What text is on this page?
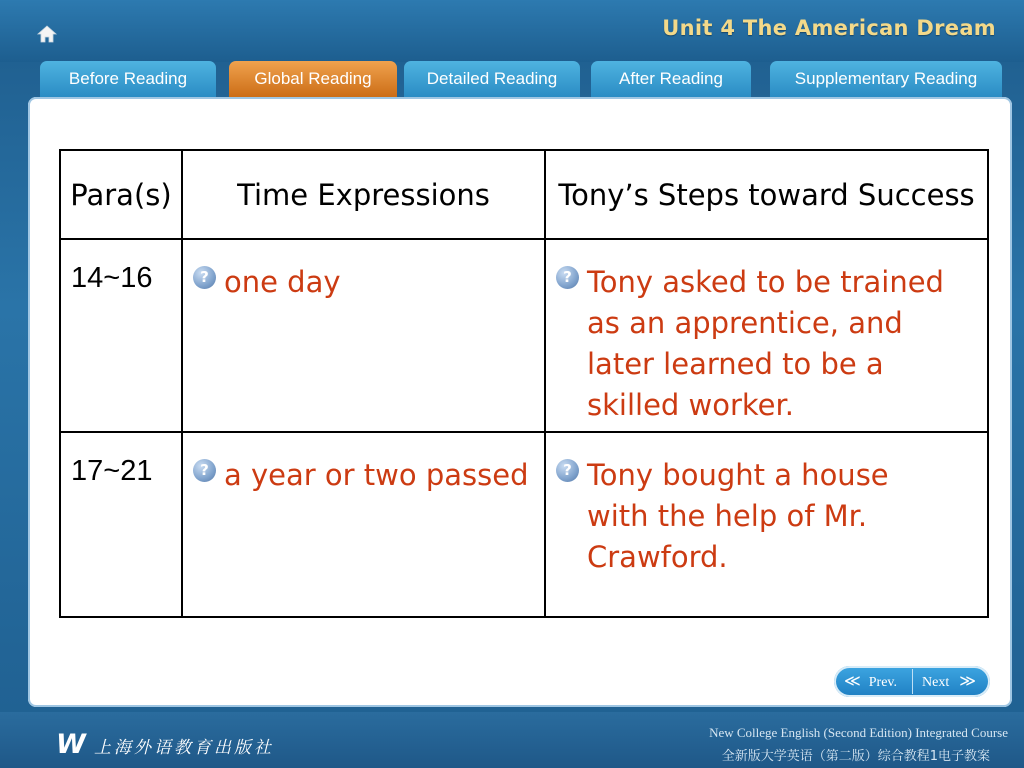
Unit 4 The American Dream
Before Reading	Global Reading	Detailed Reading	After Reading	Supplementary Reading
Para(s)	Time Expressions	Tony’s Steps toward Success

14~16	? one day	? Tony asked to be trained as an apprentice, and later learned to be a skilled worker.

17~21	? a year or two passed	? Tony bought a house with the help of Mr. Crawford.
≪ Prev. Next ≫
W 上海外语教育出版社
New College English (Second Edition) Integrated Course
全新版大学英语（第二版）综合教程1电子教案
